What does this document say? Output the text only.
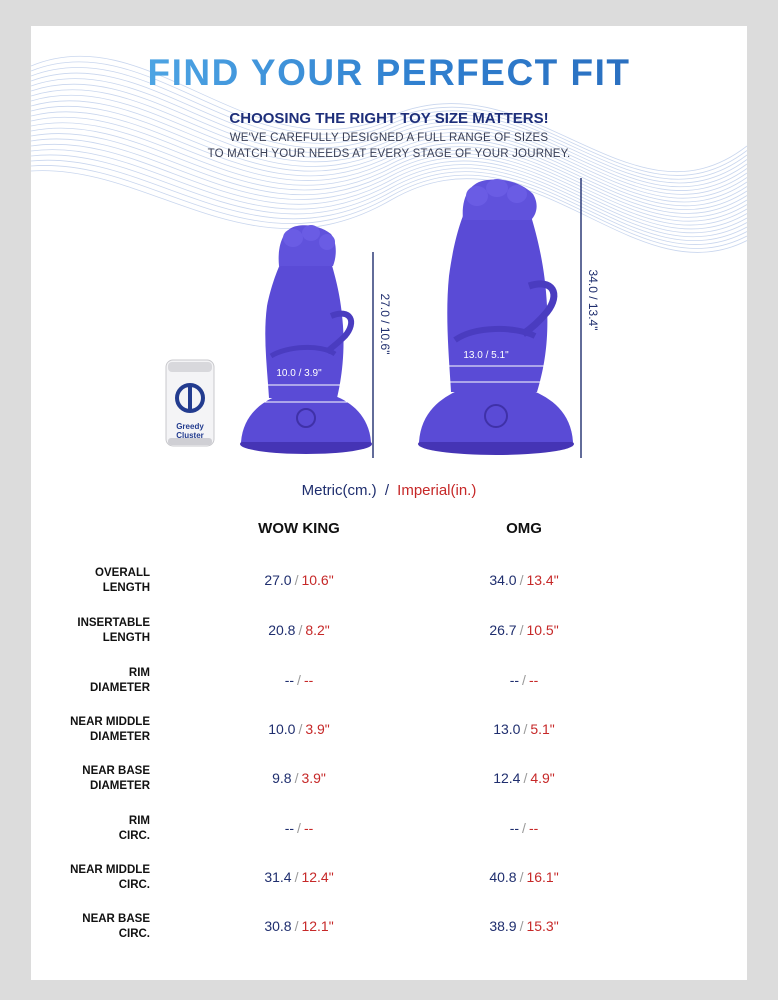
FIND YOUR PERFECT FIT
CHOOSING THE RIGHT TOY SIZE MATTERS!
WE'VE CAREFULLY DESIGNED A FULL RANGE OF SIZES
TO MATCH YOUR NEEDS AT EVERY STAGE OF YOUR JOURNEY.
Greedy
Cluster
10.0 / 3.9"
27.0 / 10.6"
13.0 / 5.1"
34.0 / 13.4"
Metric(cm.) / Imperial(in.)
WOW KING	OMG
OVERALL
LENGTH	27.0 / 10.6"	34.0 / 13.4"
INSERTABLE
LENGTH	20.8 / 8.2"	26.7 / 10.5"
RIM
DIAMETER	-- / --	-- / --
NEAR MIDDLE
DIAMETER	10.0 / 3.9"	13.0 / 5.1"
NEAR BASE
DIAMETER	9.8 / 3.9"	12.4 / 4.9"
RIM
CIRC.	-- / --	-- / --
NEAR MIDDLE
CIRC.	31.4 / 12.4"	40.8 / 16.1"
NEAR BASE
CIRC.	30.8 / 12.1"	38.9 / 15.3"
